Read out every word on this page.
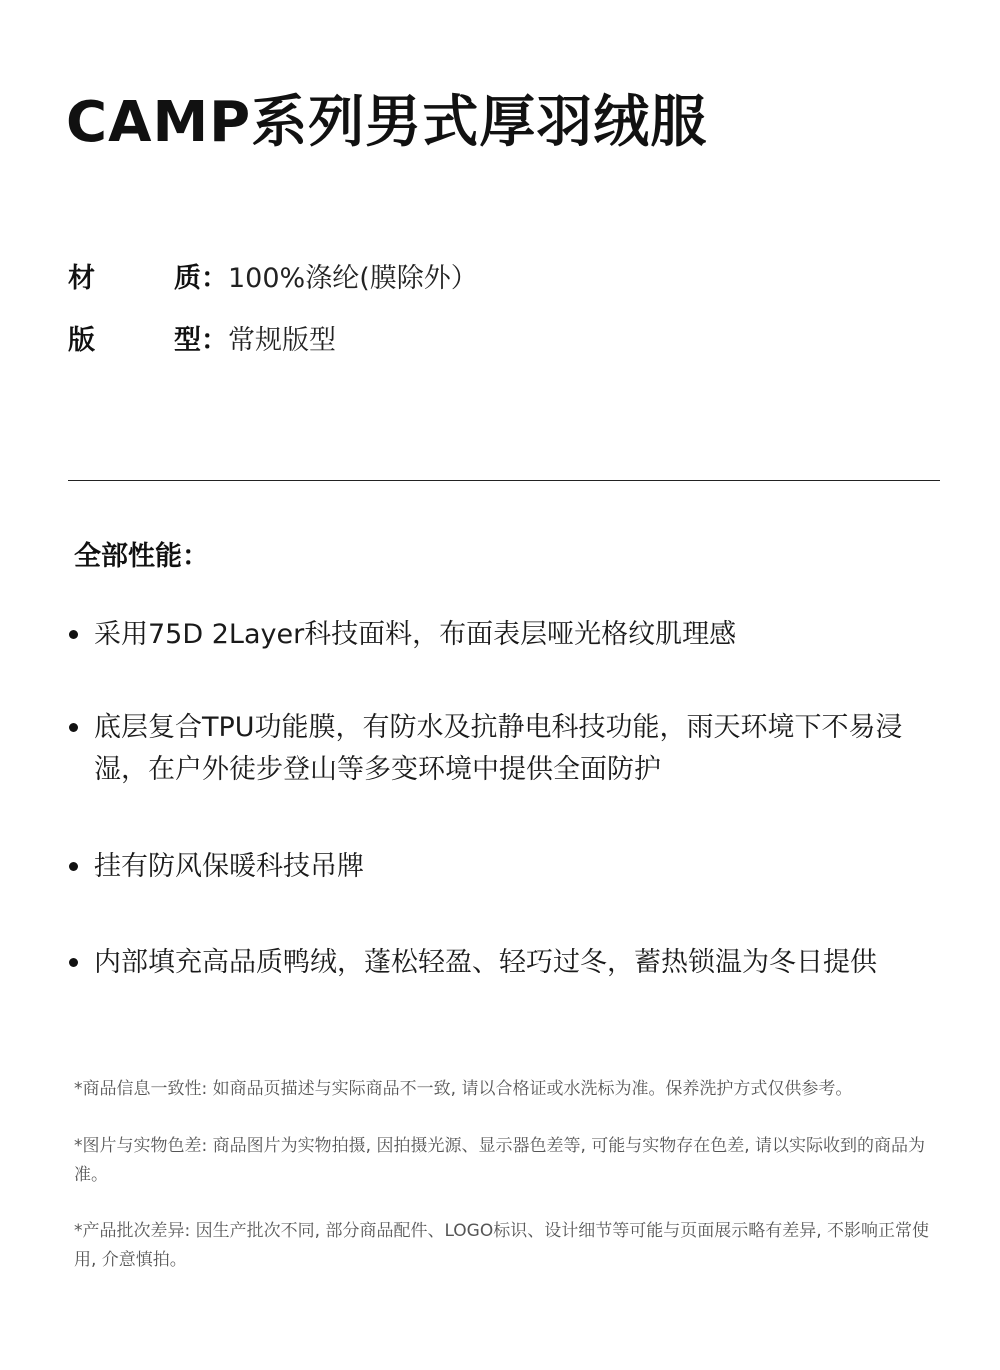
CAMP系列男式厚羽绒服
材	质： 100%涤纶(膜除外）
版	型： 常规版型
全部性能：
采用75D 2Layer科技面料，布面表层哑光格纹肌理感
底层复合TPU功能膜，有防水及抗静电科技功能，雨天环境下不易浸湿，在户外徒步登山等多变环境中提供全面防护
挂有防风保暖科技吊牌
内部填充高品质鸭绒，蓬松轻盈、轻巧过冬，蓄热锁温为冬日提供
*商品信息一致性: 如商品页描述与实际商品不一致, 请以合格证或水洗标为准。保养洗护方式仅供参考。
*图片与实物色差: 商品图片为实物拍摄, 因拍摄光源、显示器色差等, 可能与实物存在色差, 请以实际收到的商品为准。
*产品批次差异: 因生产批次不同, 部分商品配件、LOGO标识、设计细节等可能与页面展示略有差异, 不影响正常使用, 介意慎拍。
